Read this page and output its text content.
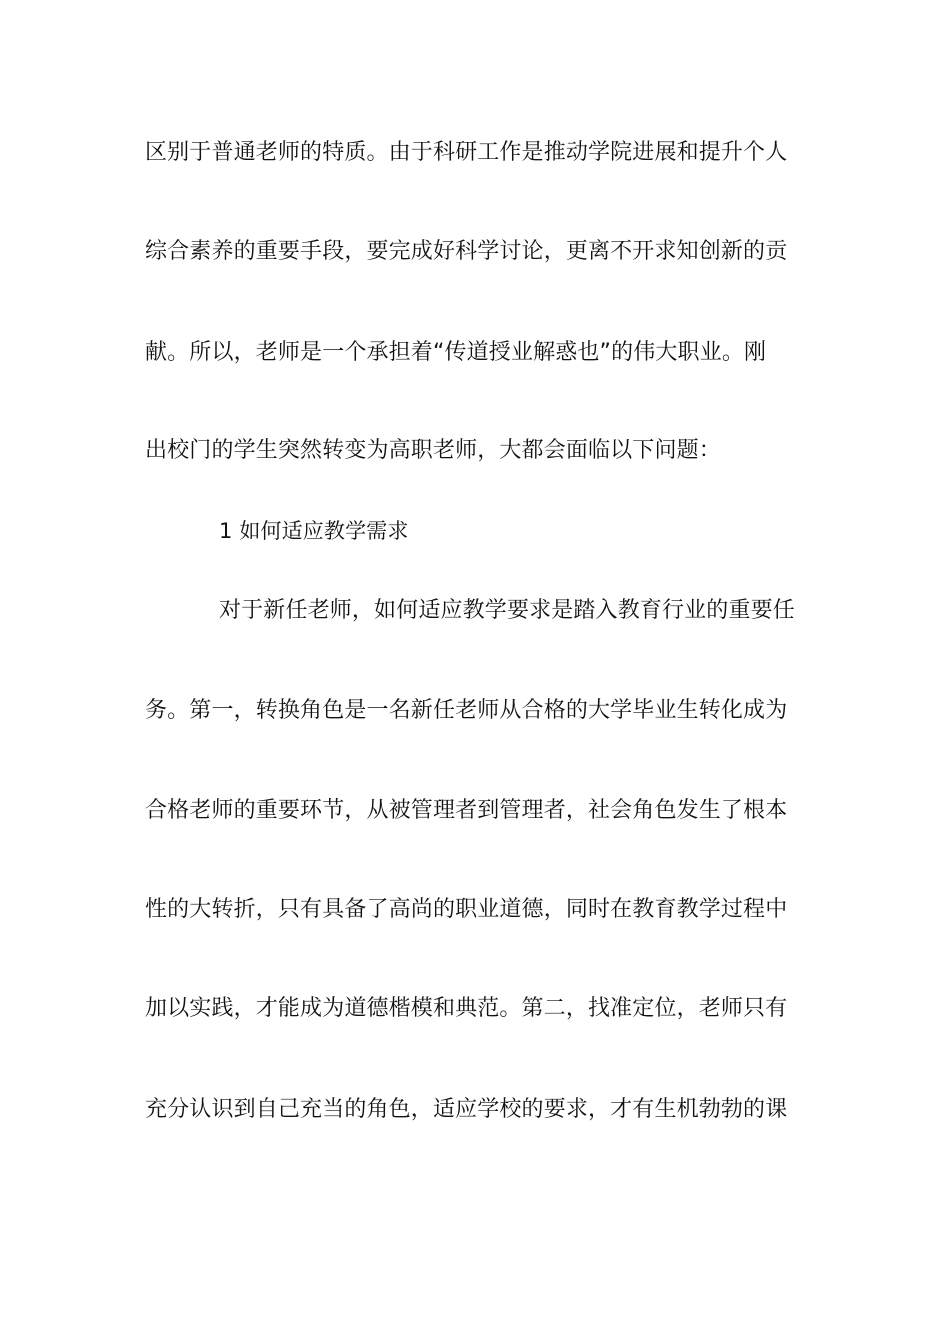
区别于普通老师的特质。由于科研工作是推动学院进展和提升个人
综合素养的重要手段，要完成好科学讨论，更离不开求知创新的贡
献。所以，老师是一个承担着“传道授业解惑也”的伟大职业。刚
出校门的学生突然转变为高职老师，大都会面临以下问题：
1 如何适应教学需求
对于新任老师，如何适应教学要求是踏入教育行业的重要任
务。第一，转换角色是一名新任老师从合格的大学毕业生转化成为
合格老师的重要环节，从被管理者到管理者，社会角色发生了根本
性的大转折，只有具备了高尚的职业道德，同时在教育教学过程中
加以实践，才能成为道德楷模和典范。第二，找准定位，老师只有
充分认识到自己充当的角色，适应学校的要求，才有生机勃勃的课
